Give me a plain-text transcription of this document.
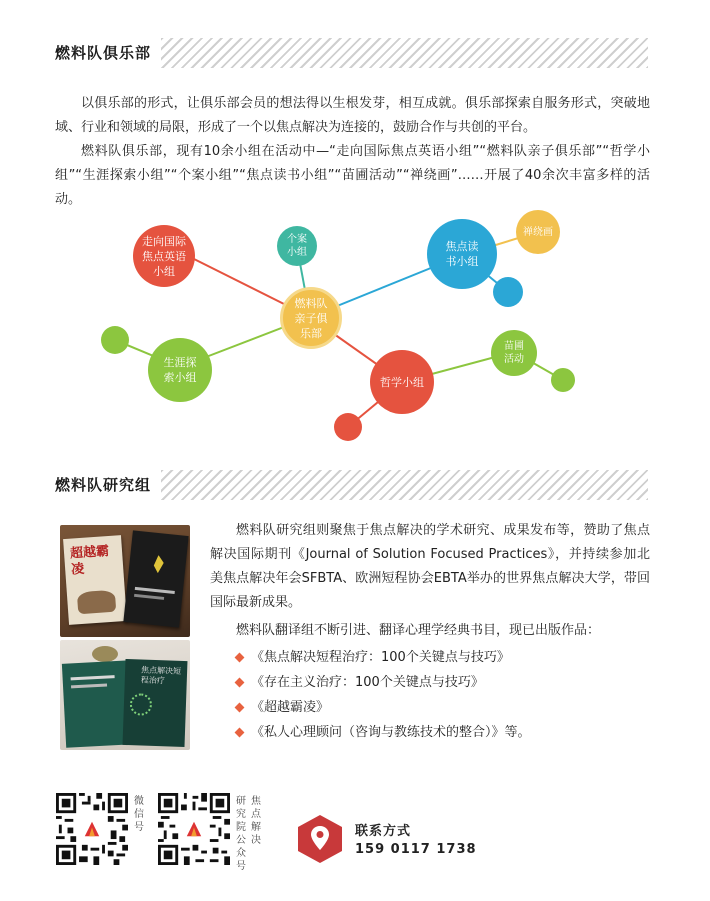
燃料队俱乐部

以俱乐部的形式，让俱乐部会员的想法得以生根发芽，相互成就。俱乐部探索自服务形式，突破地域、行业和领域的局限，形成了一个以焦点解决为连接的，鼓励合作与共创的平台。

燃料队俱乐部，现有10余小组在活动中—“走向国际焦点英语小组”“燃料队亲子俱乐部”“哲学小组”“生涯探索小组”“个案小组”“焦点读书小组”“苗圃活动”“禅绕画”……开展了40余次丰富多样的活动。

走向国际
焦点英语
小组
个案
小组
燃料队
亲子俱
乐部
焦点读
书小组
禅绕画
生涯探
索小组	哲学小组
苗圃
活动
燃料队研究组
超越霸凌
焦点解决短程治疗

燃料队研究组则聚焦于焦点解决的学术研究、成果发布等，赞助了焦点解决国际期刊《Journal of Solution Focused Practices》，并持续参加北美焦点解决年会SFBTA、欧洲短程协会EBTA举办的世界焦点解决大学，带回国际最新成果。

燃料队翻译组不断引进、翻译心理学经典书目，现已出版作品：

《焦点解决短程治疗：100个关键点与技巧》
《存在主义治疗：100个关键点与技巧》
《超越霸凌》
《私人心理顾问（咨询与教练技术的整合）》等。
微信号
研究院公众号
焦点解决
联系方式
159 0117 1738
